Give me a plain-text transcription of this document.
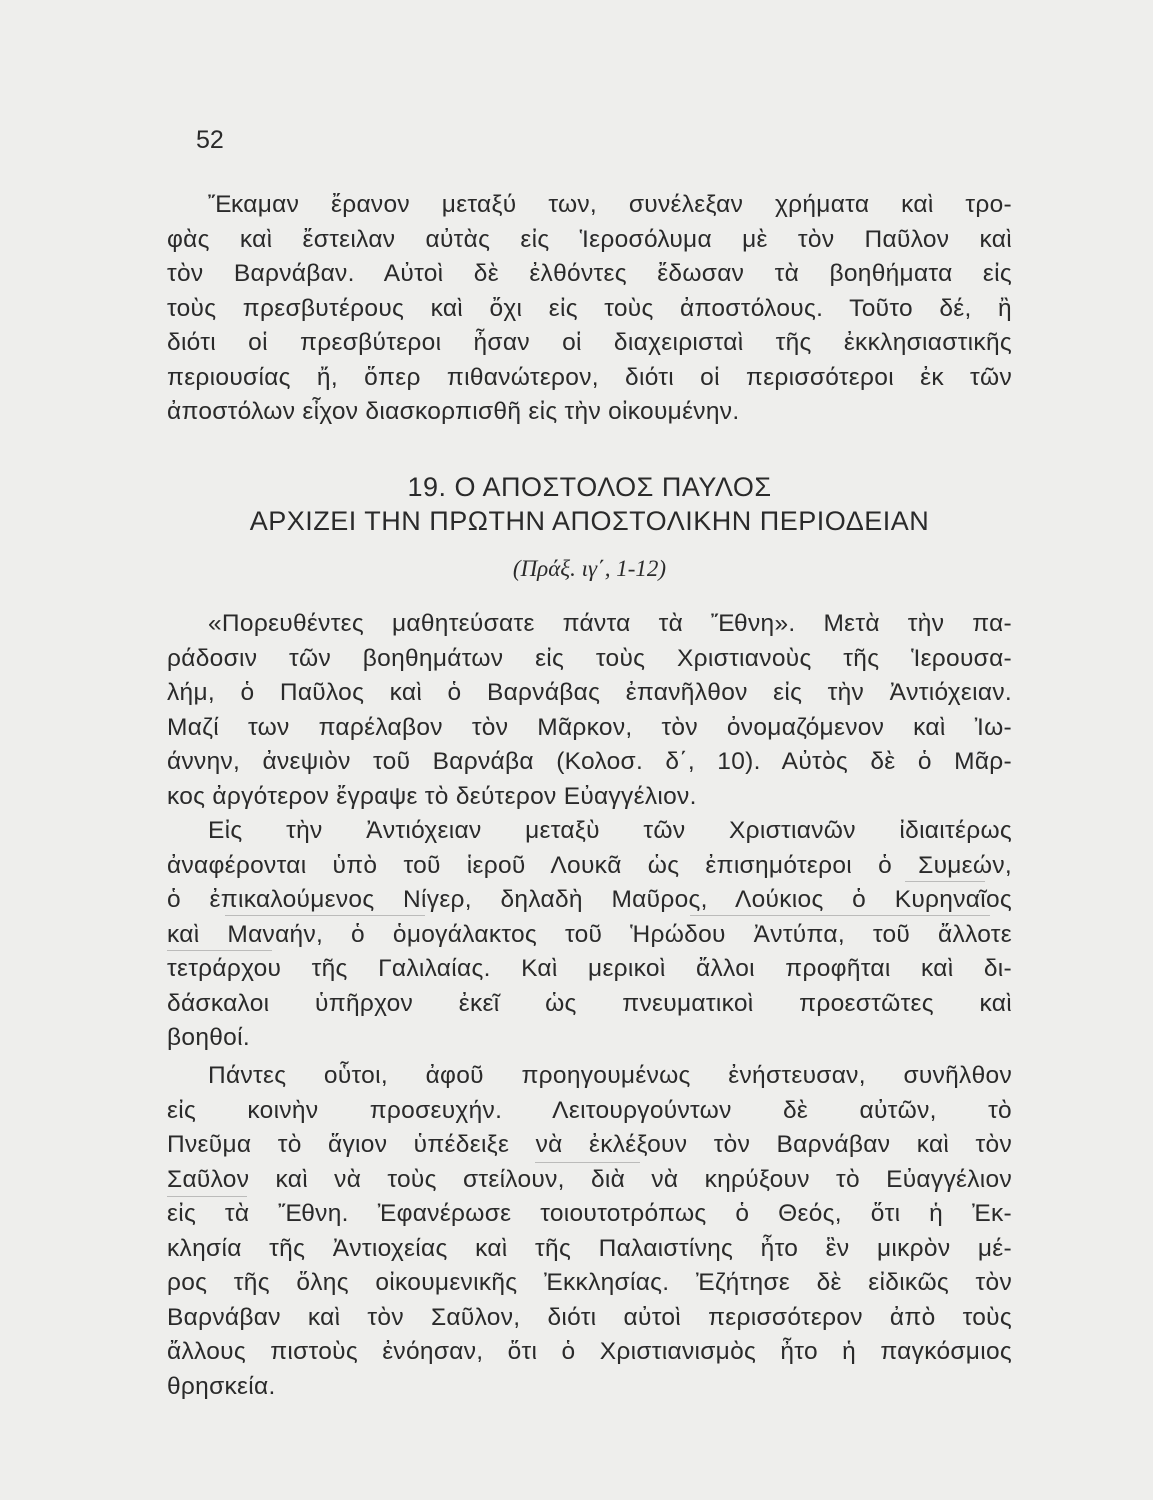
52
Ἔκαμαν ἔρανον μεταξύ των, συνέλεξαν χρήματα καὶ τρο-
φὰς καὶ ἔστειλαν αὐτὰς εἰς Ἱεροσόλυμα μὲ τὸν Παῦλον καὶ
τὸν Βαρνάβαν. Αὐτοὶ δὲ ἐλθόντες ἔδωσαν τὰ βοηθήματα εἰς
τοὺς πρεσβυτέρους καὶ ὄχι εἰς τοὺς ἀποστόλους. Τοῦτο δέ, ἢ
διότι οἱ πρεσβύτεροι ἦσαν οἱ διαχειρισταὶ τῆς ἐκκλησιαστικῆς
περιουσίας ἤ, ὅπερ πιθανώτερον, διότι οἱ περισσότεροι ἐκ τῶν
ἀποστόλων εἶχον διασκορπισθῆ εἰς τὴν οἰκουμένην.
19. Ο ΑΠΟΣΤΟΛΟΣ ΠΑΥΛΟΣ
ΑΡΧΙΖΕΙ ΤΗΝ ΠΡΩΤΗΝ ΑΠΟΣΤΟΛΙΚΗΝ ΠΕΡΙΟΔΕΙΑΝ
(Πράξ. ιγ΄, 1-12)
«Πορευθέντες μαθητεύσατε πάντα τὰ Ἔθνη». Μετὰ τὴν πα-
ράδοσιν τῶν βοηθημάτων εἰς τοὺς Χριστιανοὺς τῆς Ἱερουσα-
λήμ, ὁ Παῦλος καὶ ὁ Βαρνάβας ἐπανῆλθον εἰς τὴν Ἀντιόχειαν.
Μαζί των παρέλαβον τὸν Μᾶρκον, τὸν ὀνομαζόμενον καὶ Ἰω-
άννην, ἀνεψιὸν τοῦ Βαρνάβα (Κολοσ. δ΄, 10). Αὐτὸς δὲ ὁ Μᾶρ-
κος ἀργότερον ἔγραψε τὸ δεύτερον Εὐαγγέλιον.
Εἰς τὴν Ἀντιόχειαν μεταξὺ τῶν Χριστιανῶν ἰδιαιτέρως
ἀναφέρονται ὑπὸ τοῦ ἱεροῦ Λουκᾶ ὡς ἐπισημότεροι ὁ Συμεών,
ὁ ἐπικαλούμενος Νίγερ, δηλαδὴ Μαῦρος, Λούκιος ὁ Κυρηναῖος
καὶ Μαναήν, ὁ ὁμογάλακτος τοῦ Ἡρώδου Ἀντύπα, τοῦ ἄλλοτε
τετράρχου τῆς Γαλιλαίας. Καὶ μερικοὶ ἄλλοι προφῆται καὶ δι-
δάσκαλοι ὑπῆρχον ἐκεῖ ὡς πνευματικοὶ προεστῶτες καὶ
βοηθοί.
Πάντες οὗτοι, ἀφοῦ προηγουμένως ἐνήστευσαν, συνῆλθον
εἰς κοινὴν προσευχήν. Λειτουργούντων δὲ αὐτῶν, τὸ
Πνεῦμα τὸ ἅγιον ὑπέδειξε νὰ ἐκλέξουν τὸν Βαρνάβαν καὶ τὸν
Σαῦλον καὶ νὰ τοὺς στείλουν, διὰ νὰ κηρύξουν τὸ Εὐαγγέλιον
εἰς τὰ Ἔθνη. Ἐφανέρωσε τοιουτοτρόπως ὁ Θεός, ὅτι ἡ Ἐκ-
κλησία τῆς Ἀντιοχείας καὶ τῆς Παλαιστίνης ἦτο ἓν μικρὸν μέ-
ρος τῆς ὅλης οἰκουμενικῆς Ἐκκλησίας. Ἐζήτησε δὲ εἰδικῶς τὸν
Βαρνάβαν καὶ τὸν Σαῦλον, διότι αὐτοὶ περισσότερον ἀπὸ τοὺς
ἄλλους πιστοὺς ἐνόησαν, ὅτι ὁ Χριστιανισμὸς ἦτο ἡ παγκόσμιος
θρησκεία.
